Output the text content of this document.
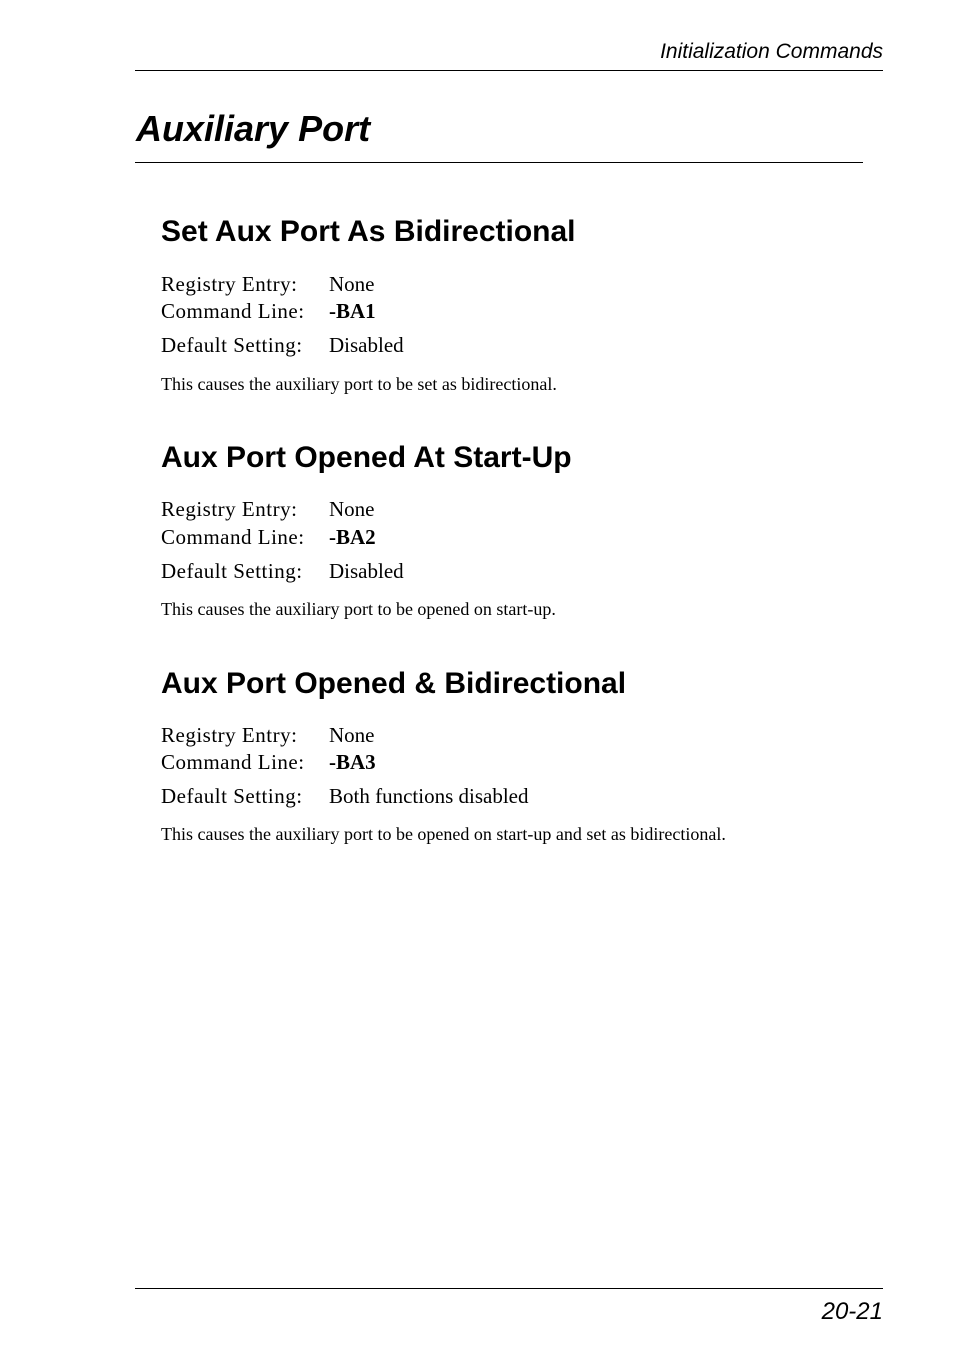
Initialization Commands
Auxiliary Port
Set Aux Port As Bidirectional
Registry Entry: None
Command Line: -BA1
Default Setting: Disabled
This causes the auxiliary port to be set as bidirectional.
Aux Port Opened At Start-Up
Registry Entry: None
Command Line: -BA2
Default Setting: Disabled
This causes the auxiliary port to be opened on start-up.
Aux Port Opened & Bidirectional
Registry Entry: None
Command Line: -BA3
Default Setting: Both functions disabled
This causes the auxiliary port to be opened on start-up and set as bidirectional.
20-21
